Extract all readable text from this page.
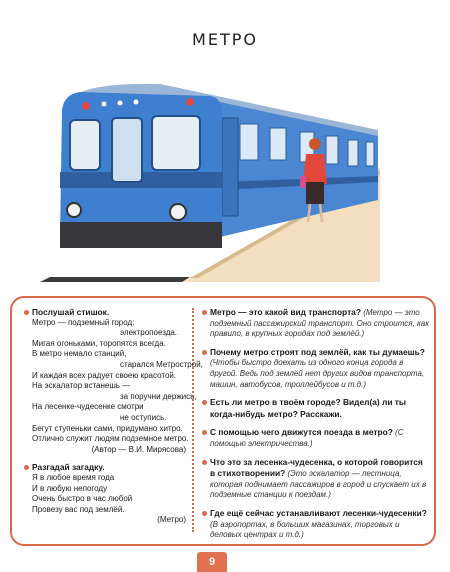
МЕТРО
Послушай стишок.
Метро — подземный город:
электропоезда.
Мигая огоньками, торопятся всегда.
В метро немало станций,
старался Метрострой,
И каждая всех радует своею красотой.
На эскалатор встанешь —
за поручни держись,
На лесенке-чудесенке смотри
не оступись.
Бегут ступеньки сами, придумано хитро.
Отлично служит людям подземное метро.
(Автор — В.И. Мирясова)
Разгадай загадку.
Я в любое время года
И в любую непогоду
Очень быстро в час любой
Провезу вас под землёй.
(Метро)
Метро — это какой вид транспорта? (Метро — это подземный пассажирский транспорт. Оно строится, как правило, в крупных городах под землёй.)
Почему метро строят под землёй, как ты думаешь? (Чтобы быстро доехать из одного конца города в другой. Ведь под землёй нет других видов транспорта, машин, автобусов, троллейбусов и т.д.)
Есть ли метро в твоём городе? Видел(а) ли ты когда-нибудь метро? Расскажи.
С помощью чего движутся поезда в метро? (С помощью электричества.)
Что это за лесенка-чудесенка, о которой говорится в стихотворении? (Это эскалатор — лестница, которая поднимает пассажиров в город и спускает их в подземные станции к поездам.)
Где ещё сейчас устанавливают лесенки-чудесенки? (В аэропортах, в больших магазинах, торговых и деловых центрах и т.д.)
9
